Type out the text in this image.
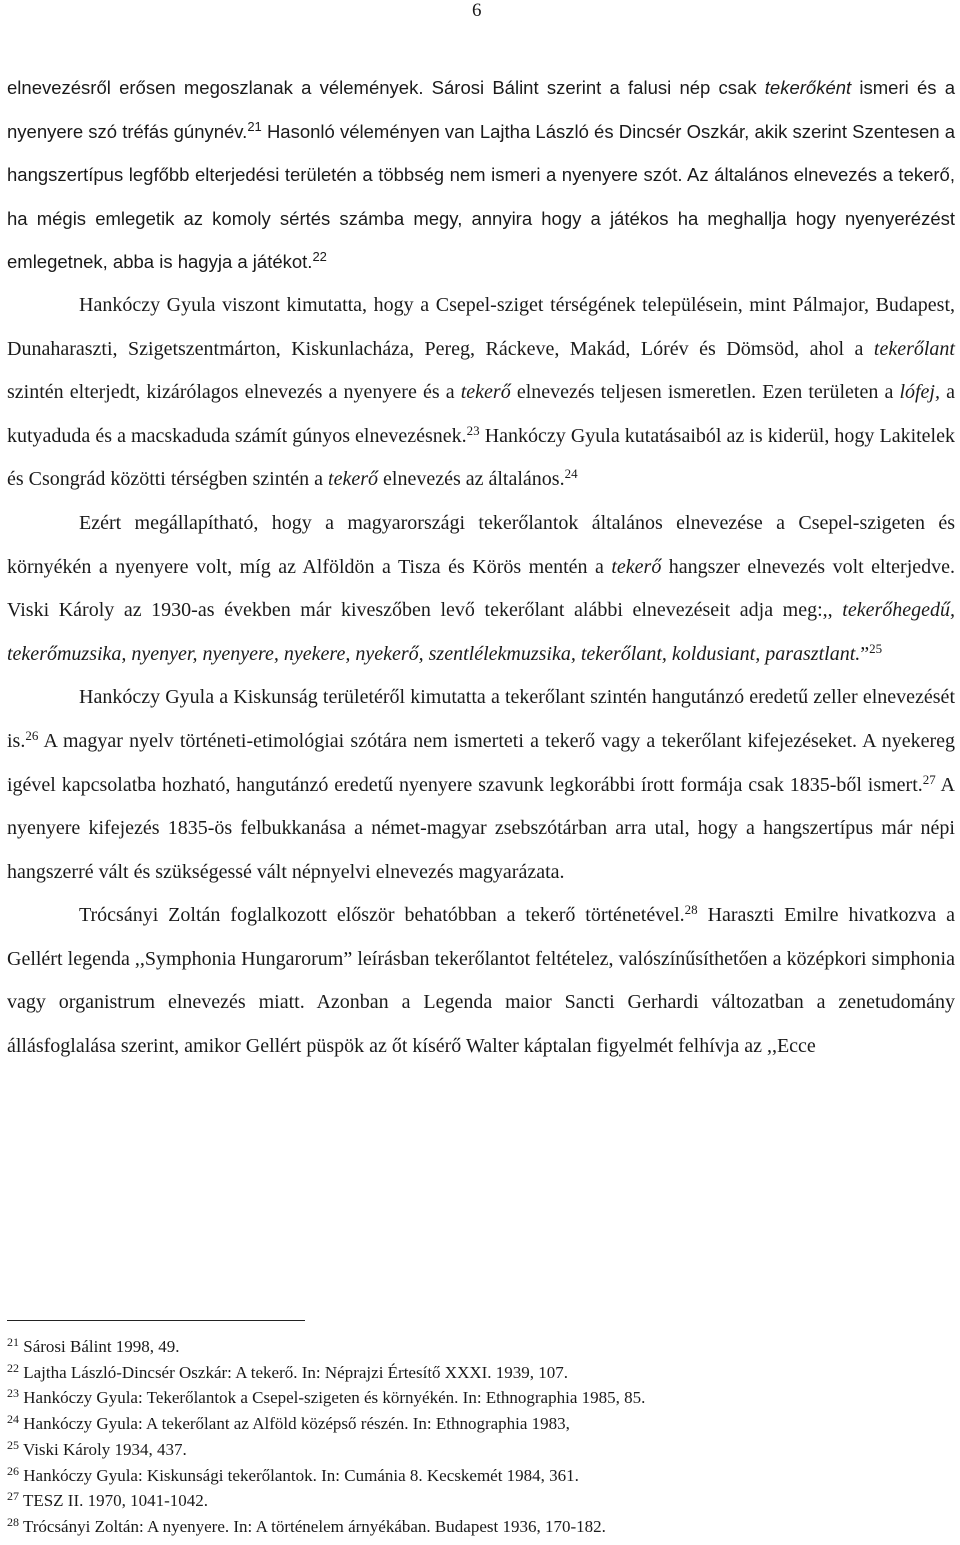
6

elnevezésről erősen megoszlanak a vélemények. Sárosi Bálint szerint a falusi nép csak tekerőként ismeri és a nyenyere szó tréfás gúnynév.$^{21}$ Hasonló véleményen van Lajtha László és Dincsér Oszkár, akik szerint Szentesen a hangszertípus legfőbb elterjedési területén a többség nem ismeri a nyenyere szót. Az általános elnevezés a tekerő, ha mégis emlegetik az komoly sértés számba megy, annyira hogy a játékos ha meghallja hogy nyenyerézést emlegetnek, abba is hagyja a játékot.$^{22}$

Hankóczy Gyula viszont kimutatta, hogy a Csepel-sziget térségének településein, mint Pálmajor, Budapest, Dunaharaszti, Szigetszentmárton, Kiskunlacháza, Pereg, Ráckeve, Makád, Lórév és Dömsöd, ahol a tekerőlant szintén elterjedt, kizárólagos elnevezés a nyenyere és a tekerő elnevezés teljesen ismeretlen. Ezen területen a lófej, a kutyaduda és a macskaduda számít gúnyos elnevezésnek.$^{23}$ Hankóczy Gyula kutatásaiból az is kiderül, hogy Lakitelek és Csongrád közötti térségben szintén a tekerő elnevezés az általános.$^{24}$

Ezért megállapítható, hogy a magyarországi tekerőlantok általános elnevezése a Csepel-szigeten és környékén a nyenyere volt, míg az Alföldön a Tisza és Körös mentén a tekerő hangszer elnevezés volt elterjedve. Viski Károly az 1930-as években már kiveszőben levő tekerőlant alábbi elnevezéseit adja meg:,, tekerőhegedű, tekerőmuzsika, nyenyer, nyenyere, nyekere, nyekerő, szentlélekmuzsika, tekerőlant, koldusiant, parasztlant.”$^{25}$

Hankóczy Gyula a Kiskunság területéről kimutatta a tekerőlant szintén hangutánzó eredetű zeller elnevezését is.$^{26}$ A magyar nyelv történeti-etimológiai szótára nem ismerteti a tekerő vagy a tekerőlant kifejezéseket. A nyekereg igével kapcsolatba hozható, hangutánzó eredetű nyenyere szavunk legkorábbi írott formája csak 1835-ből ismert.$^{27}$ A nyenyere kifejezés 1835-ös felbukkanása a német-magyar zsebszótárban arra utal, hogy a hangszertípus már népi hangszerré vált és szükségessé vált népnyelvi elnevezés magyarázata.

Trócsányi Zoltán foglalkozott először behatóbban a tekerő történetével.$^{28}$ Haraszti Emilre hivatkozva a Gellért legenda ,,Symphonia Hungarorum” leírásban tekerőlantot feltételez, valószínűsíthetően a középkori simphonia vagy organistrum elnevezés miatt. Azonban a Legenda maior Sancti Gerhardi változatban a zenetudomány állásfoglalása szerint, amikor Gellért püspök az őt kísérő Walter káptalan figyelmét felhívja az ,,Ecce

$^{21}$ Sárosi Bálint 1998, 49.
$^{22}$ Lajtha László-Dincsér Oszkár: A tekerő. In: Néprajzi Értesítő XXXI. 1939, 107.
$^{23}$ Hankóczy Gyula: Tekerőlantok a Csepel-szigeten és környékén. In: Ethnographia 1985, 85.
$^{24}$ Hankóczy Gyula: A tekerőlant az Alföld középső részén. In: Ethnographia 1983,
$^{25}$ Viski Károly 1934, 437.
$^{26}$ Hankóczy Gyula: Kiskunsági tekerőlantok. In: Cumánia 8. Kecskemét 1984, 361.
$^{27}$ TESZ II. 1970, 1041-1042.
$^{28}$ Trócsányi Zoltán: A nyenyere. In: A történelem árnyékában. Budapest 1936, 170-182.
